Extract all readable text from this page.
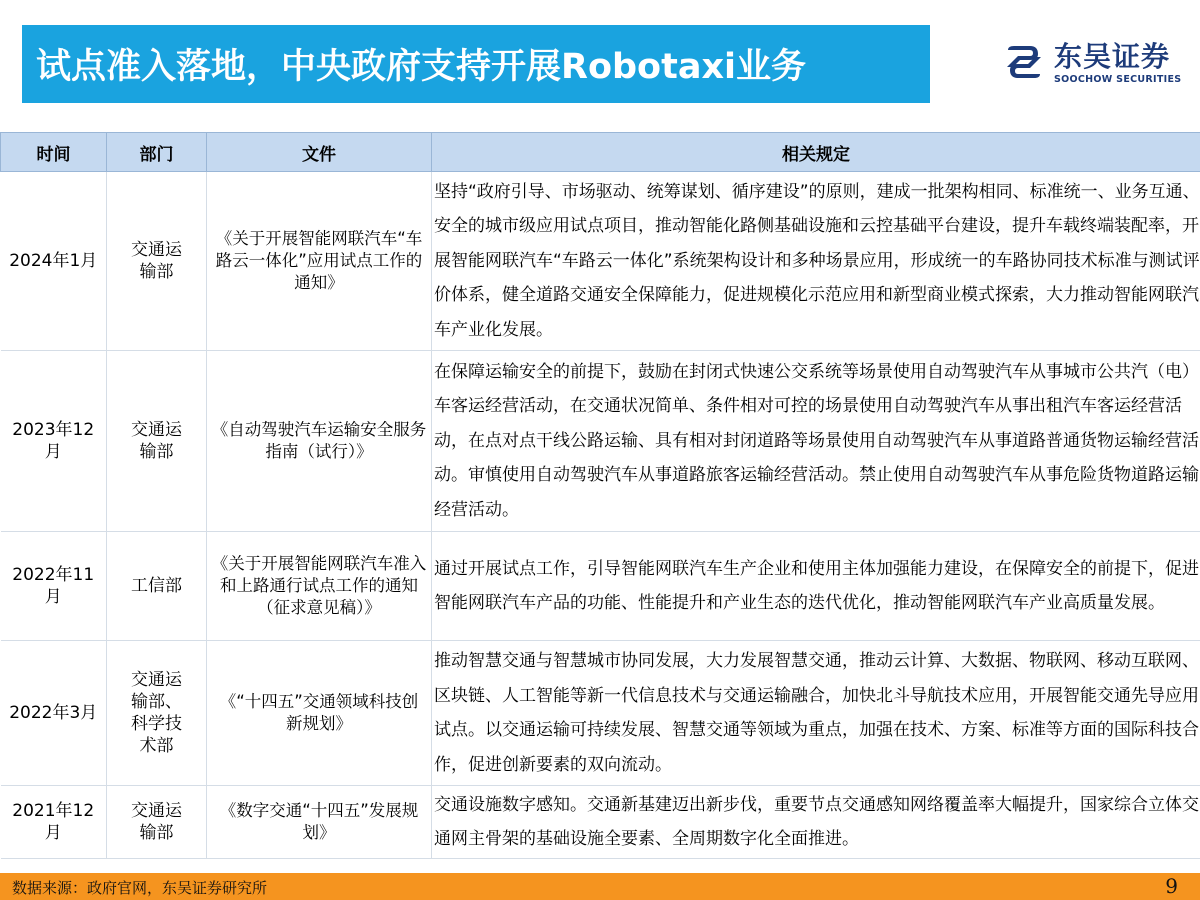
试点准入落地，中央政府支持开展Robotaxi业务	东吴证券
SOOCHOW SECURITIES
时间	部门	文件	相关规定
2024年1月	交通运输部	《关于开展智能网联汽车“车路云一体化”应用试点工作的通知》	坚持“政府引导、市场驱动、统筹谋划、循序建设”的原则，建成一批架构相同、标准统一、业务互通、安全的城市级应用试点项目，推动智能化路侧基础设施和云控基础平台建设，提升车载终端装配率，开展智能网联汽车“车路云一体化”系统架构设计和多种场景应用，形成统一的车路协同技术标准与测试评价体系，健全道路交通安全保障能力，促进规模化示范应用和新型商业模式探索，大力推动智能网联汽车产业化发展。
2023年12月	交通运输部	《自动驾驶汽车运输安全服务指南（试行）》	在保障运输安全的前提下，鼓励在封闭式快速公交系统等场景使用自动驾驶汽车从事城市公共汽（电）车客运经营活动，在交通状况简单、条件相对可控的场景使用自动驾驶汽车从事出租汽车客运经营活动，在点对点干线公路运输、具有相对封闭道路等场景使用自动驾驶汽车从事道路普通货物运输经营活动。审慎使用自动驾驶汽车从事道路旅客运输经营活动。禁止使用自动驾驶汽车从事危险货物道路运输经营活动。
2022年11月	工信部	《关于开展智能网联汽车准入和上路通行试点工作的通知（征求意见稿）》	通过开展试点工作，引导智能网联汽车生产企业和使用主体加强能力建设，在保障安全的前提下，促进智能网联汽车产品的功能、性能提升和产业生态的迭代优化，推动智能网联汽车产业高质量发展。
2022年3月	交通运输部、科学技术部	《“十四五”交通领域科技创新规划》	推动智慧交通与智慧城市协同发展，大力发展智慧交通，推动云计算、大数据、物联网、移动互联网、区块链、人工智能等新一代信息技术与交通运输融合，加快北斗导航技术应用，开展智能交通先导应用试点。以交通运输可持续发展、智慧交通等领域为重点，加强在技术、方案、标准等方面的国际科技合作，促进创新要素的双向流动。
2021年12月	交通运输部	《数字交通“十四五”发展规划》	交通设施数字感知。交通新基建迈出新步伐，重要节点交通感知网络覆盖率大幅提升，国家综合立体交通网主骨架的基础设施全要素、全周期数字化全面推进。
数据来源：政府官网，东吴证券研究所	9
